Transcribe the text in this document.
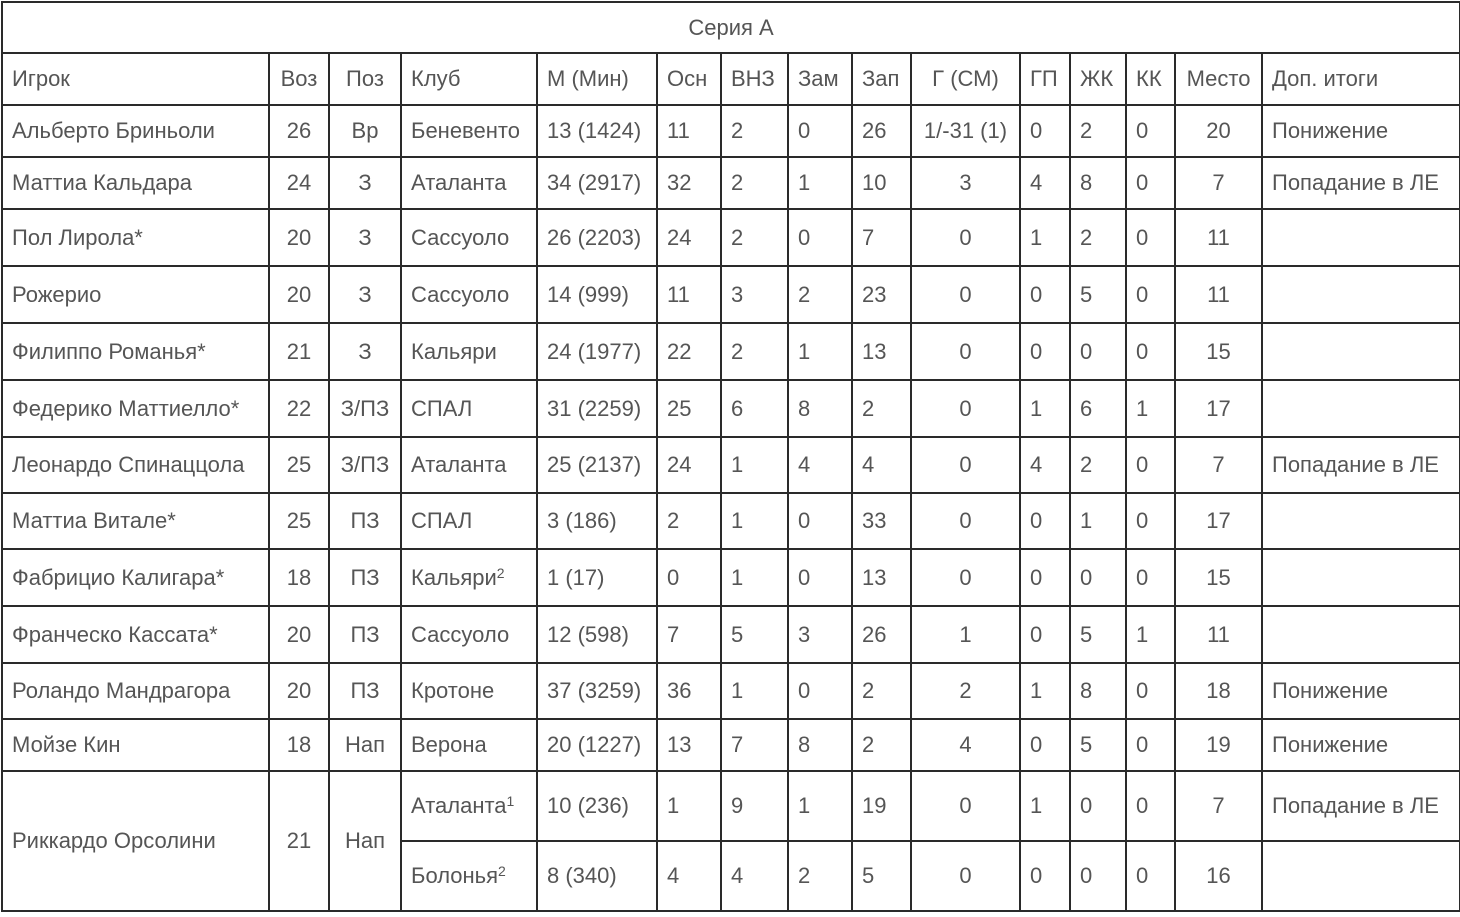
Серия А														
Игрок	Воз	Поз	Клуб	М (Мин)	Осн	ВНЗ	Зам	Зап	Г (СМ)	ГП	ЖК	КК	Место	Доп. итоги
Альберто Бриньоли	26	Вр	Беневенто	13 (1424)	11	2	0	26	1/-31 (1)	0	2	0	20	Понижение
Маттиа Кальдара	24	З	Аталанта	34 (2917)	32	2	1	10	3	4	8	0	7	Попадание в ЛЕ
Пол Лирола*	20	З	Сассуоло	26 (2203)	24	2	0	7	0	1	2	0	11	
Рожерио	20	З	Сассуоло	14 (999)	11	3	2	23	0	0	5	0	11	
Филиппо Романья*	21	З	Кальяри	24 (1977)	22	2	1	13	0	0	0	0	15	
Федерико Маттиелло*	22	З/ПЗ	СПАЛ	31 (2259)	25	6	8	2	0	1	6	1	17	
Леонардо Спинаццола	25	З/ПЗ	Аталанта	25 (2137)	24	1	4	4	0	4	2	0	7	Попадание в ЛЕ
Маттиа Витале*	25	ПЗ	СПАЛ	3 (186)	2	1	0	33	0	0	1	0	17	
Фабрицио Калигара*	18	ПЗ	Кальяри$^2$	1 (17)	0	1	0	13	0	0	0	0	15	
Франческо Кассата*	20	ПЗ	Сассуоло	12 (598)	7	5	3	26	1	0	5	1	11	
Роландо Мандрагора	20	ПЗ	Кротоне	37 (3259)	36	1	0	2	2	1	8	0	18	Понижение
Мойзе Кин	18	Нап	Верона	20 (1227)	13	7	8	2	4	0	5	0	19	Понижение
Риккардо Орсолини	21	Нап	Аталанта$^1$	10 (236)	1	9	1	19	0	1	0	0	7	Попадание в ЛЕ
			Болонья$^2$	8 (340)	4	4	2	5	0	0	0	0	16	
